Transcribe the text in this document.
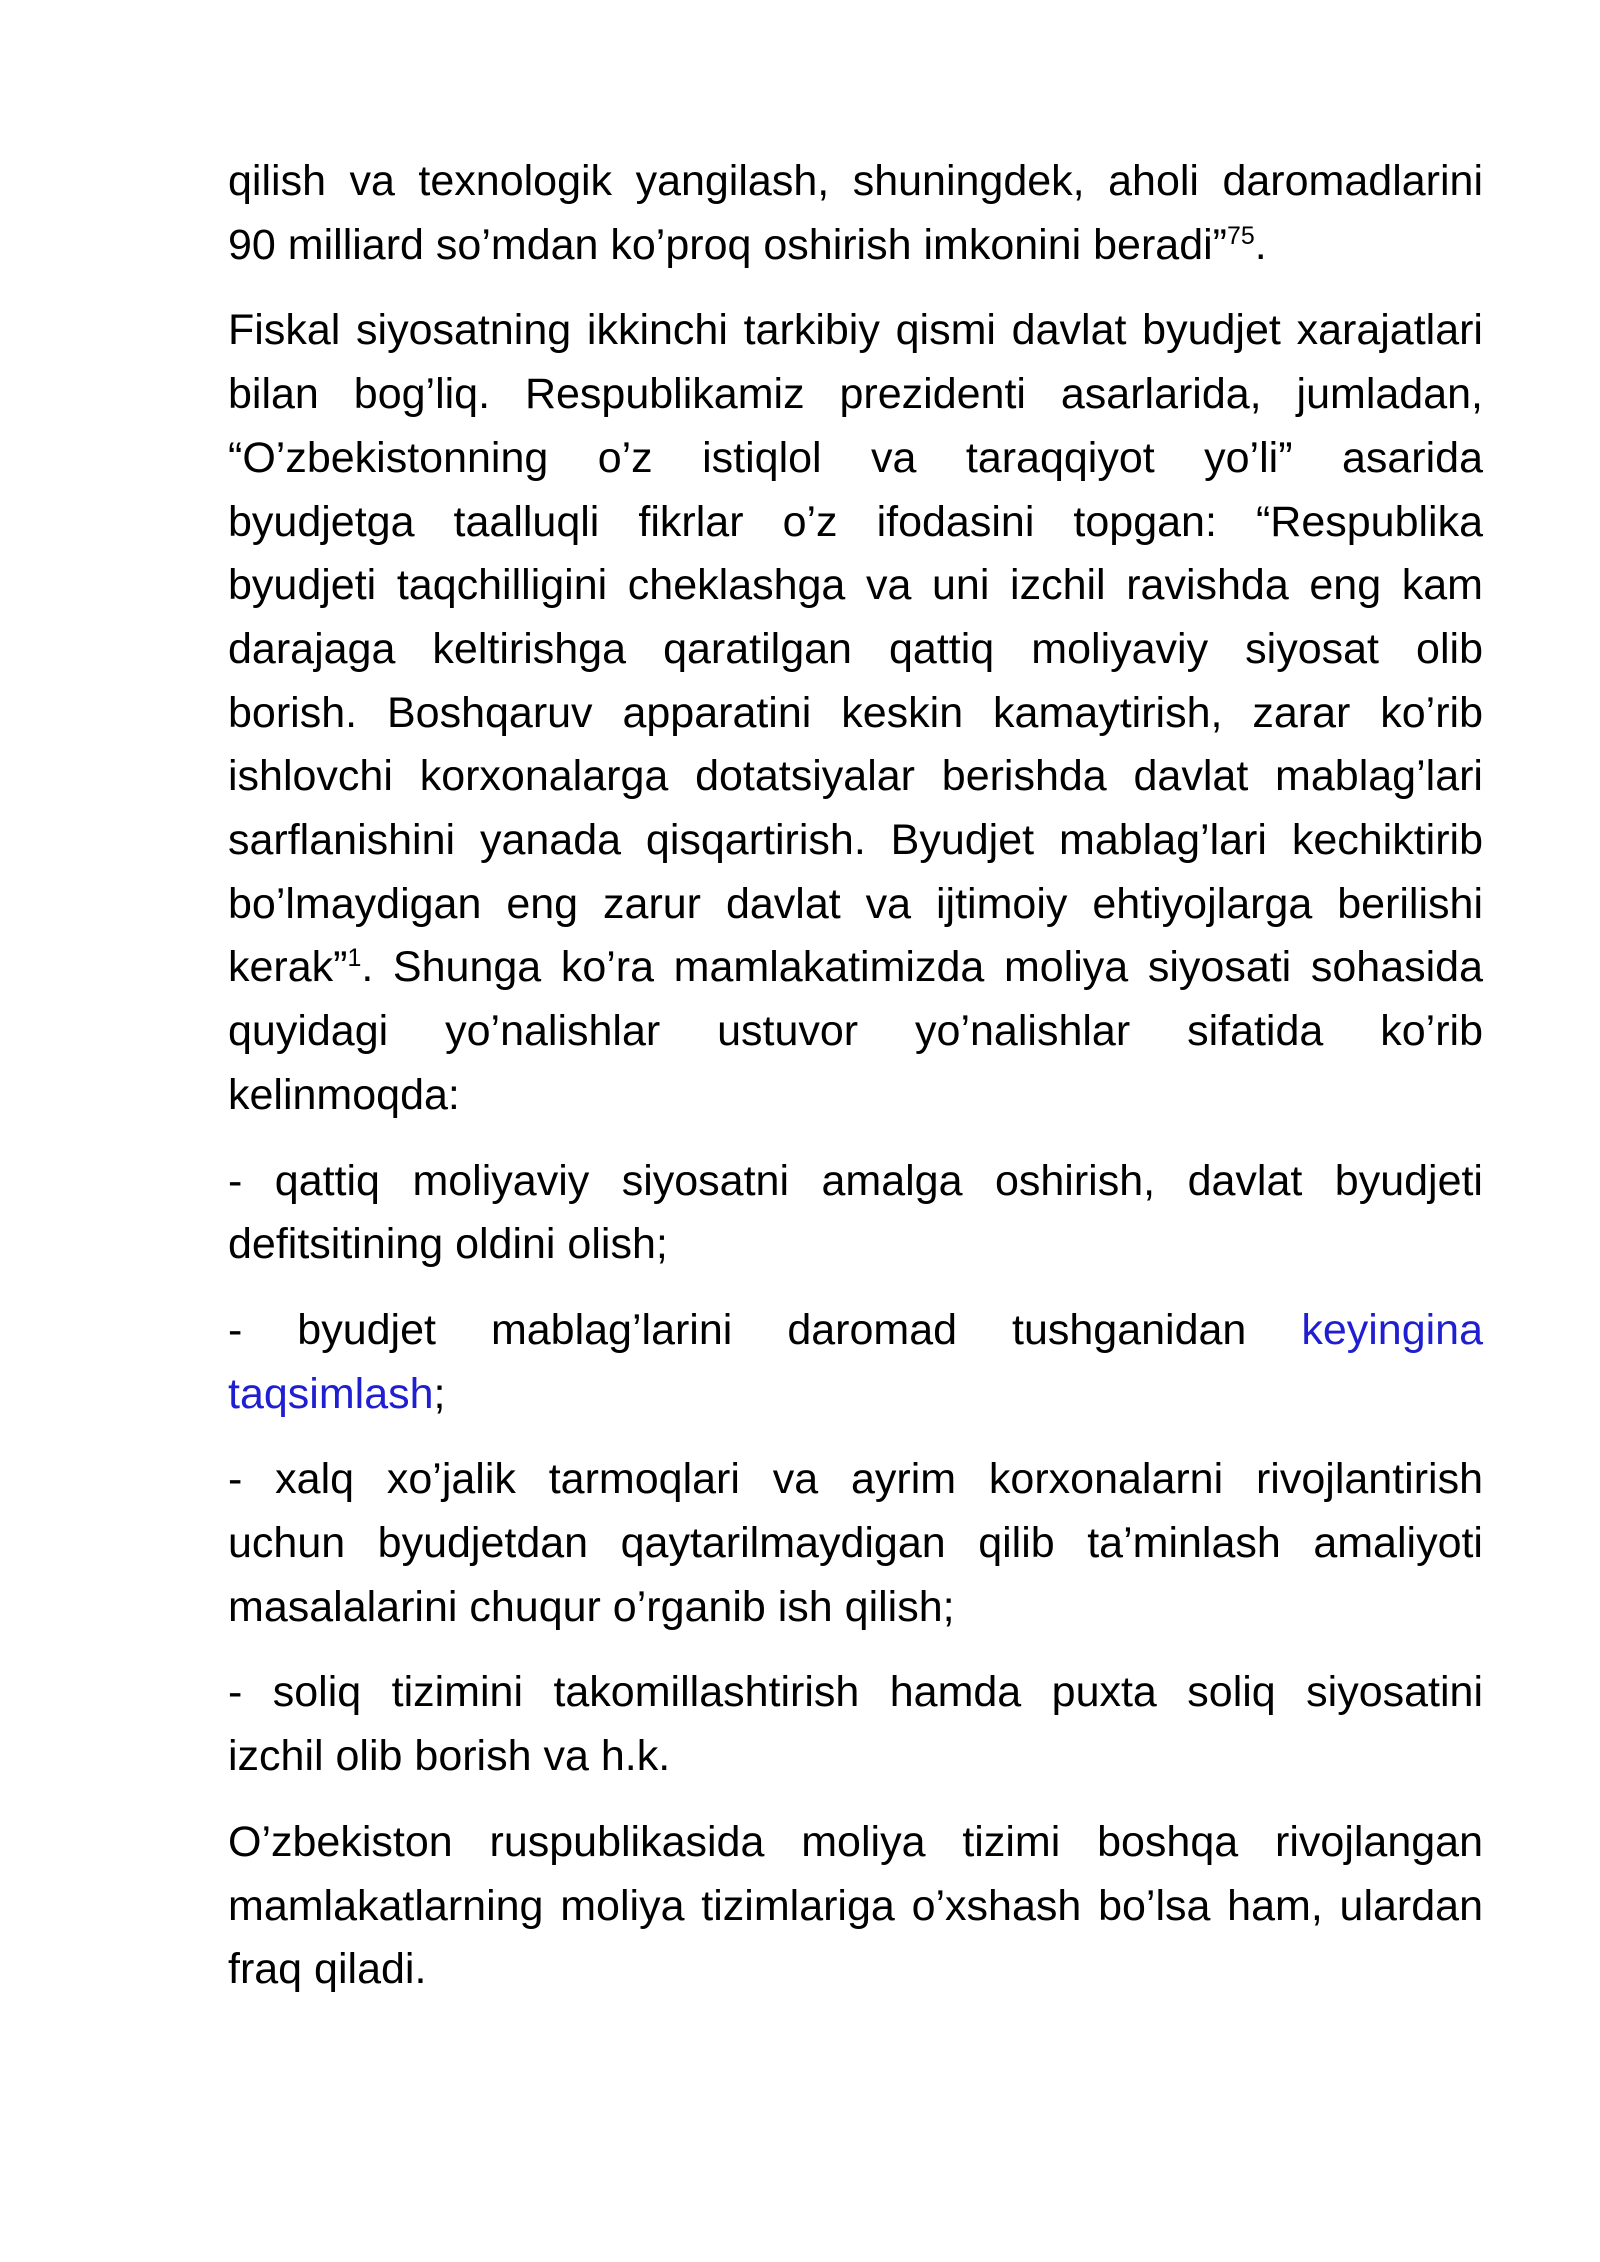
qilish va texnologik yangilash, shuningdek, aholi daromadlarini
90 milliard so’mdan ko’proq oshirish imkonini beradi”$^{75}$.
Fiskal siyosatning ikkinchi tarkibiy qismi davlat byudjet xarajatlari
bilan bog’liq. Respublikamiz prezidenti asarlarida, jumladan,
“O’zbekistonning o’z istiqlol va taraqqiyot yo’li” asarida
byudjetga taalluqli fikrlar o’z ifodasini topgan: “Respublika
byudjeti taqchilligini cheklashga va uni izchil ravishda eng kam
darajaga keltirishga qaratilgan qattiq moliyaviy siyosat olib
borish. Boshqaruv apparatini keskin kamaytirish, zarar ko’rib
ishlovchi korxonalarga dotatsiyalar berishda davlat mablag’lari
sarflanishini yanada qisqartirish. Byudjet mablag’lari kechiktirib
bo’lmaydigan eng zarur davlat va ijtimoiy ehtiyojlarga berilishi
kerak”$^1$. Shunga ko’ra mamlakatimizda moliya siyosati sohasida
quyidagi yo’nalishlar ustuvor yo’nalishlar sifatida ko’rib
kelinmoqda:
- qattiq moliyaviy siyosatni amalga oshirish, davlat byudjeti
defitsitining oldini olish;
- byudjet mablag’larini daromad tushganidan keyingina
taqsimlash;
- xalq xo’jalik tarmoqlari va ayrim korxonalarni rivojlantirish
uchun byudjetdan qaytarilmaydigan qilib ta’minlash amaliyoti
masalalarini chuqur o’rganib ish qilish;
- soliq tizimini takomillashtirish hamda puxta soliq siyosatini
izchil olib borish va h.k.
O’zbekiston ruspublikasida moliya tizimi boshqa rivojlangan
mamlakatlarning moliya tizimlariga o’xshash bo’lsa ham, ulardan
fraq qiladi.
